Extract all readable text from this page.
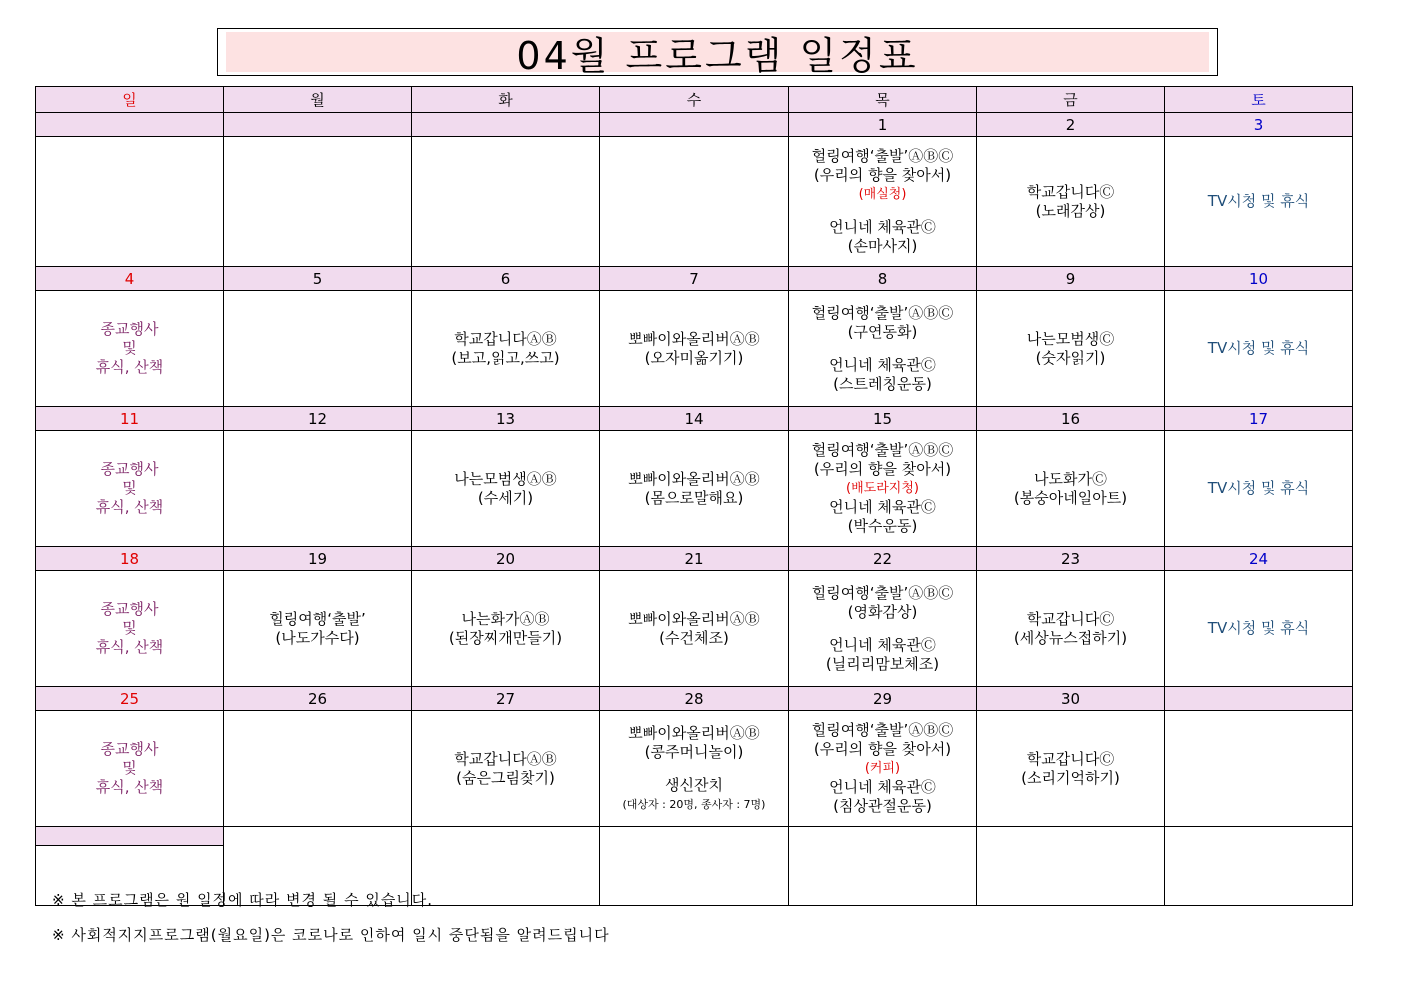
04월 프로그램 일정표
일	월	화	수	목	금	토
				1	2	3

				헐링여행‘출발’ⒶⒷⒸ
(우리의 향을 찾아서)
(매실청)
언니네 체육관Ⓒ
(손마사지)	학교갑니다Ⓒ
(노래감상)	TV시청 및 휴식

4	5	6	7	8	9	10

종교행사
및
휴식, 산책		학교갑니다ⒶⒷ
(보고,읽고,쓰고)	뽀빠이와올리버ⒶⒷ
(오자미옮기기)	헐링여행‘출발’ⒶⒷⒸ
(구연동화)
언니네 체육관Ⓒ
(스트레칭운동)	나는모범생Ⓒ
(숫자읽기)	TV시청 및 휴식

11	12	13	14	15	16	17

종교행사
및
휴식, 산책		나는모범생ⒶⒷ
(수세기)	뽀빠이와올리버ⒶⒷ
(몸으로말해요)	헐링여행‘출발’ⒶⒷⒸ
(우리의 향을 찾아서)
(배도라지청)
언니네 체육관Ⓒ
(박수운동)	나도화가Ⓒ
(봉숭아네일아트)	TV시청 및 휴식

18	19	20	21	22	23	24

종교행사
및
휴식, 산책	힐링여행‘출발’
(나도가수다)	나는화가ⒶⒷ
(된장찌개만들기)	뽀빠이와올리버ⒶⒷ
(수건체조)	힐링여행‘출발’ⒶⒷⒸ
(영화감상)
언니네 체육관Ⓒ
(닐리리맘보체조)	학교갑니다Ⓒ
(세상뉴스접하기)	TV시청 및 휴식

25	26	27	28	29	30	

종교행사
및
휴식, 산책		학교갑니다ⒶⒷ
(숨은그림찾기)	뽀빠이와올리버ⒶⒷ
(콩주머니놀이)
생신잔치
(대상자 : 20명, 종사자 : 7명)	힐링여행‘출발’ⒶⒷⒸ
(우리의 향을 찾아서)
(커피)
언니네 체육관Ⓒ
(침상관절운동)	학교갑니다Ⓒ
(소리기억하기)	

※ 본 프로그램은 원 일정에 따라 변경 될 수 있습니다.
※ 사회적지지프로그램(월요일)은 코로나로 인하여 일시 중단됨을 알려드립니다
